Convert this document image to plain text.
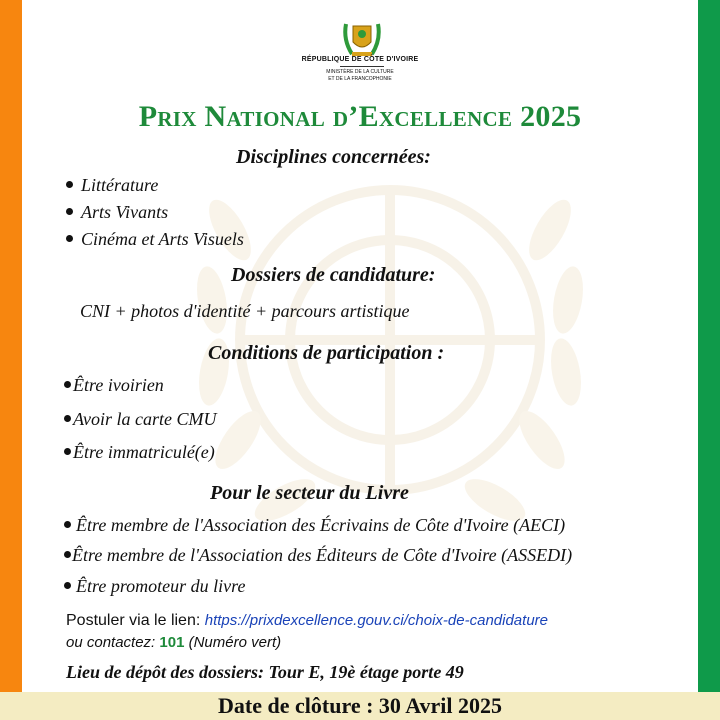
RÉPUBLIQUE DE CÔTE D'IVOIRE
MINISTÈRE DE LA CULTURE
ET DE LA FRANCOPHONIE
Prix National d’Excellence 2025
Disciplines concernées:
Littérature
Arts Vivants
Cinéma et Arts Visuels
Dossiers de candidature:
CNI + photos d'identité + parcours artistique
Conditions de participation :
Être ivoirien
Avoir la carte CMU
Être immatriculé(e)
Pour le secteur du Livre
Être membre de l'Association des Écrivains de Côte d'Ivoire (AECI)
Être membre de l'Association des Éditeurs de Côte d'Ivoire (ASSEDI)
Être promoteur du livre
Postuler via le lien: https://prixdexcellence.gouv.ci/choix-de-candidature
ou contactez: 101 (Numéro vert)
Lieu de dépôt des dossiers: Tour E, 19è étage porte 49
Date de clôture : 30 Avril 2025
